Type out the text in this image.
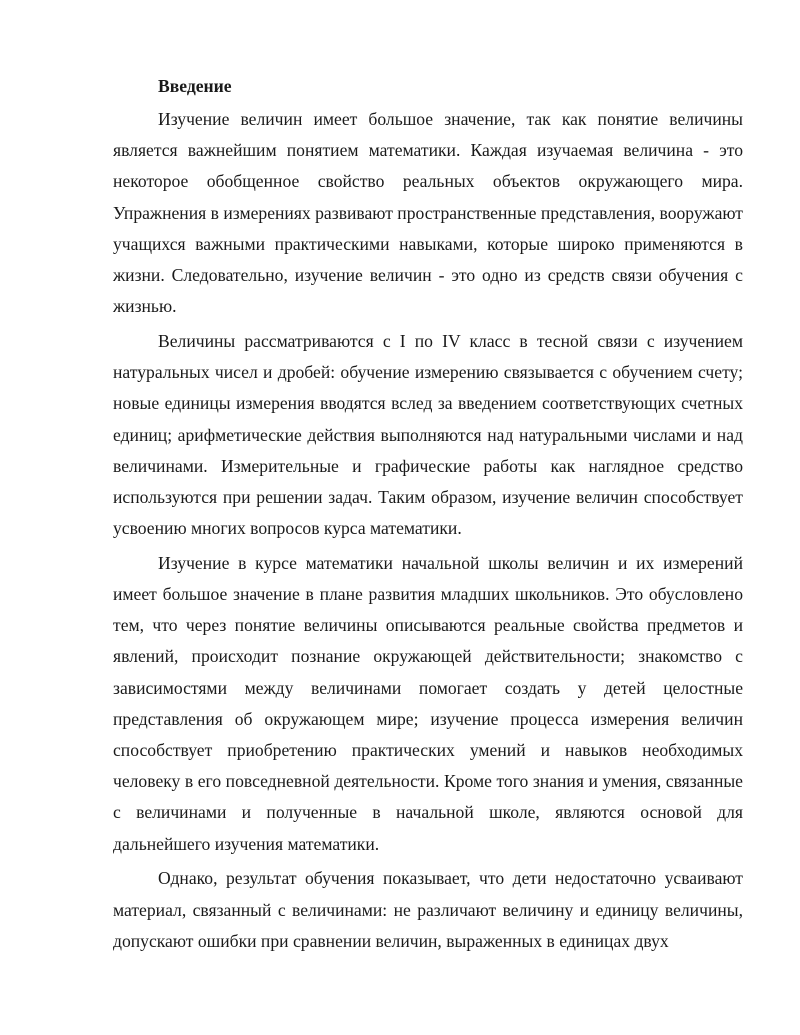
Введение

Изучение величин имеет большое значение, так как понятие величины является важнейшим понятием математики. Каждая изучаемая величина - это некоторое обобщенное свойство реальных объектов окружающего мира. Упражнения в измерениях развивают пространственные представления, вооружают учащихся важными практическими навыками, которые широко применяются в жизни. Следовательно, изучение величин - это одно из средств связи обучения с жизнью.

Величины рассматриваются с I по IV класс в тесной связи с изучением натуральных чисел и дробей: обучение измерению связывается с обучением счету; новые единицы измерения вводятся вслед за введением соответствующих счетных единиц; арифметические действия выполняются над натуральными числами и над величинами. Измерительные и графические работы как наглядное средство используются при решении задач. Таким образом, изучение величин способствует усвоению многих вопросов курса математики.

Изучение в курсе математики начальной школы величин и их измерений имеет большое значение в плане развития младших школьников. Это обусловлено тем, что через понятие величины описываются реальные свойства предметов и явлений, происходит познание окружающей действительности; знакомство с зависимостями между величинами помогает создать у детей целостные представления об окружающем мире; изучение процесса измерения величин способствует приобретению практических умений и навыков необходимых человеку в его повседневной деятельности. Кроме того знания и умения, связанные с величинами и полученные в начальной школе, являются основой для дальнейшего изучения математики.

Однако, результат обучения показывает, что дети недостаточно усваивают материал, связанный с величинами: не различают величину и единицу величины, допускают ошибки при сравнении величин, выраженных в единицах двух
